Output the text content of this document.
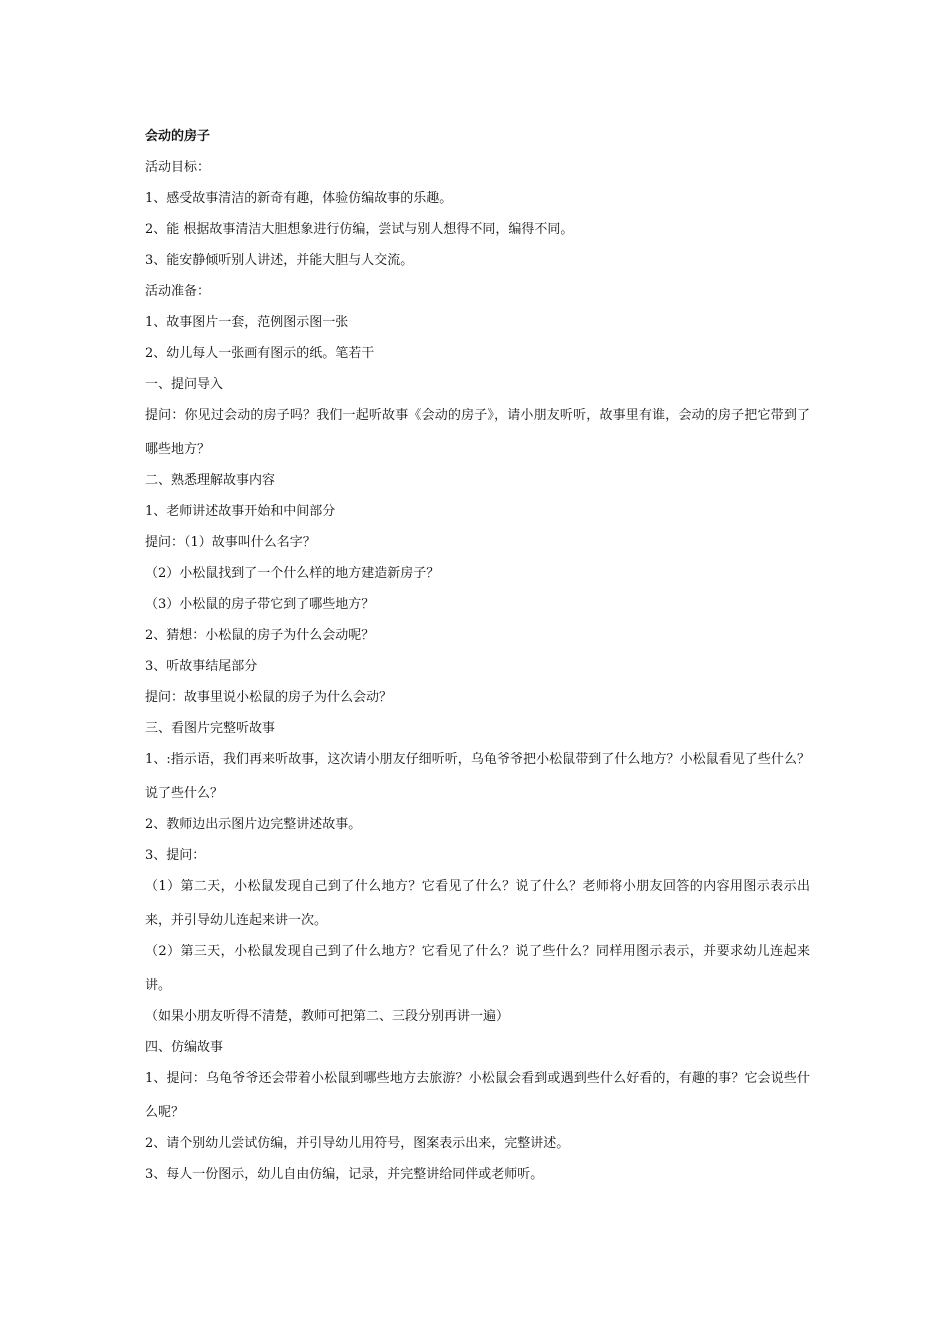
会动的房子
活动目标：
1、感受故事清洁的新奇有趣，体验仿编故事的乐趣。
2、能 根据故事清洁大胆想象进行仿编，尝试与别人想得不同，编得不同。
3、能安静倾听别人讲述，并能大胆与人交流。
活动准备：
1、故事图片一套，范例图示图一张
2、幼儿每人一张画有图示的纸。笔若干
一、提问导入
提问：你见过会动的房子吗？我们一起听故事《会动的房子》，请小朋友听听，故事里有谁，会动的房子把它带到了哪些地方？
二、熟悉理解故事内容
1、老师讲述故事开始和中间部分
提问：（1）故事叫什么名字？
（2）小松鼠找到了一个什么样的地方建造新房子？
（3）小松鼠的房子带它到了哪些地方？
2、猜想：小松鼠的房子为什么会动呢？
3、听故事结尾部分
提问：故事里说小松鼠的房子为什么会动？
三、看图片完整听故事
1、:指示语，我们再来听故事，这次请小朋友仔细听听，乌龟爷爷把小松鼠带到了什么地方？小松鼠看见了些什么？说了些什么？
2、教师边出示图片边完整讲述故事。
3、提问：
（1）第二天，小松鼠发现自己到了什么地方？它看见了什么？说了什么？老师将小朋友回答的内容用图示表示出来，并引导幼儿连起来讲一次。
（2）第三天，小松鼠发现自己到了什么地方？它看见了什么？说了些什么？同样用图示表示，并要求幼儿连起来讲。
（如果小朋友听得不清楚，教师可把第二、三段分别再讲一遍）
四、仿编故事
1、提问：乌龟爷爷还会带着小松鼠到哪些地方去旅游？小松鼠会看到或遇到些什么好看的，有趣的事？它会说些什么呢？
2、请个别幼儿尝试仿编，并引导幼儿用符号，图案表示出来，完整讲述。
3、每人一份图示，幼儿自由仿编，记录，并完整讲给同伴或老师听。
